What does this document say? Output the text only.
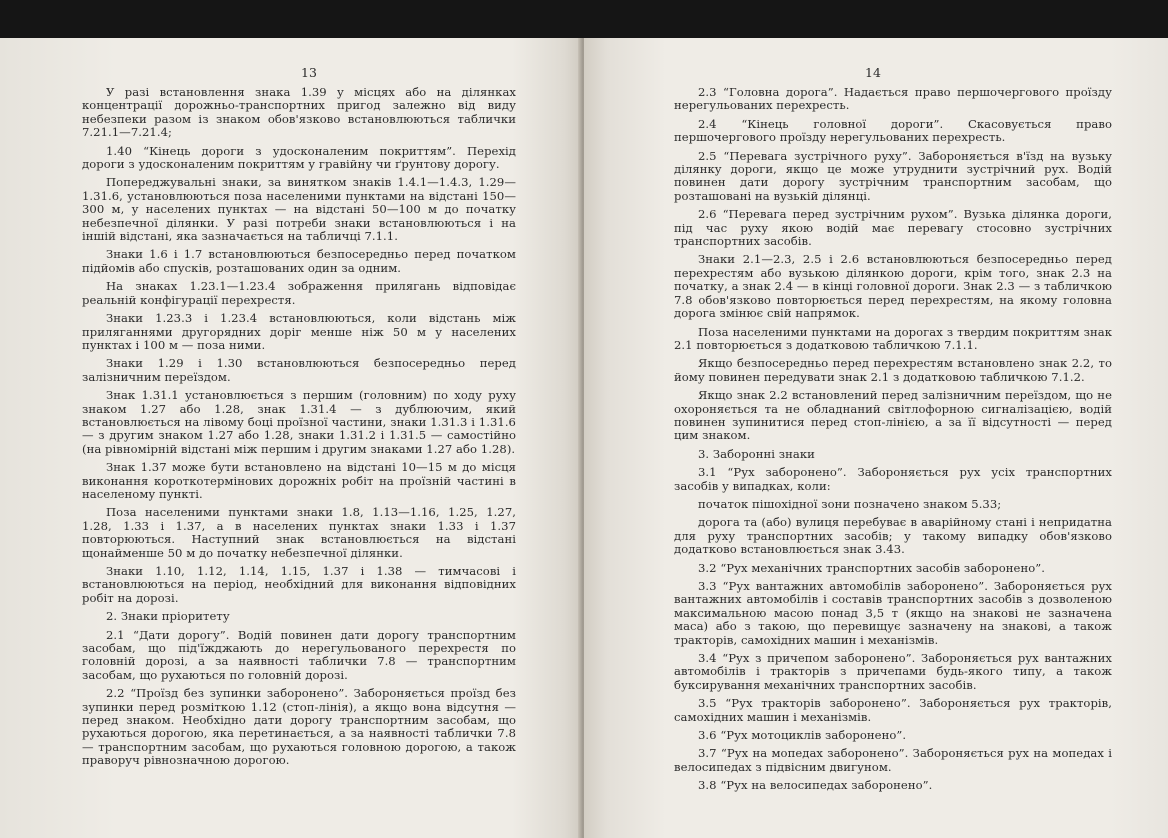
13

У разі встановлення знака 1.39 у місцях або на ділянках концентрації дорожньо-транспортних пригод залежно від виду небезпеки разом із знаком обов'язково встановлюються таблички 7.21.1—7.21.4;

1.40 “Кінець дороги з удосконаленим покриттям”. Перехід дороги з удосконаленим покриттям у гравійну чи ґрунтову дорогу.

Попереджувальні знаки, за винятком знаків 1.4.1—1.4.3, 1.29—1.31.6, установлюються поза населеними пунктами на відстані 150—300 м, у населених пунктах — на відстані 50—100 м до початку небезпечної ділянки. У разі потреби знаки встановлюються і на іншій відстані, яка зазначається на табличці 7.1.1.

Знаки 1.6 і 1.7 встановлюються безпосередньо перед початком підйомів або спусків, розташованих один за одним.

На знаках 1.23.1—1.23.4 зображення прилягань відповідає реальній конфігурації перехрестя.

Знаки 1.23.3 і 1.23.4 встановлюються, коли відстань між приляганнями другорядних доріг менше ніж 50 м у населених пунктах і 100 м — поза ними.

Знаки 1.29 і 1.30 встановлюються безпосередньо перед залізничним переїздом.

Знак 1.31.1 установлюється з першим (головним) по ходу руху знаком 1.27 або 1.28, знак 1.31.4 — з дублюючим, який встановлюється на лівому боці проїзної частини, знаки 1.31.3 і 1.31.6 — з другим знаком 1.27 або 1.28, знаки 1.31.2 і 1.31.5 — самостійно (на рівномірній відстані між першим і другим знаками 1.27 або 1.28).

Знак 1.37 може бути встановлено на відстані 10—15 м до місця виконання короткотермінових дорожніх робіт на проїзній частині в населеному пункті.

Поза населеними пунктами знаки 1.8, 1.13—1.16, 1.25, 1.27, 1.28, 1.33 і 1.37, а в населених пунктах знаки 1.33 і 1.37 повторюються. Наступний знак встановлюється на відстані щонайменше 50 м до початку небезпечної ділянки.

Знаки 1.10, 1.12, 1.14, 1.15, 1.37 і 1.38 — тимчасові і встановлюються на період, необхідний для виконання відповідних робіт на дорозі.

2. Знаки пріоритету

2.1 “Дати дорогу”. Водій повинен дати дорогу транспортним засобам, що під'їжджають до нерегульованого перехрестя по головній дорозі, а за наявності таблички 7.8 — транспортним засобам, що рухаються по головній дорозі.

2.2 “Проїзд без зупинки заборонено”. Забороняється проїзд без зупинки перед розміткою 1.12 (стоп-лінія), а якщо вона відсутня — перед знаком. Необхідно дати дорогу транспортним засобам, що рухаються дорогою, яка перетинається, а за наявності таблички 7.8 — транспортним засобам, що рухаються головною дорогою, а також праворуч рівнозначною дорогою.

14

2.3 “Головна дорога”. Надається право першочергового проїзду нерегульованих перехресть.

2.4 “Кінець головної дороги”. Скасовується право першочергового проїзду нерегульованих перехресть.

2.5 “Перевага зустрічного руху”. Забороняється в'їзд на вузьку ділянку дороги, якщо це може утруднити зустрічний рух. Водій повинен дати дорогу зустрічним транспортним засобам, що розташовані на вузькій ділянці.

2.6 “Перевага перед зустрічним рухом”. Вузька ділянка дороги, під час руху якою водій має перевагу стосовно зустрічних транспортних засобів.

Знаки 2.1—2.3, 2.5 і 2.6 встановлюються безпосередньо перед перехрестям або вузькою ділянкою дороги, крім того, знак 2.3 на початку, а знак 2.4 — в кінці головної дороги. Знак 2.3 — з табличкою 7.8 обов'язково повторюється перед перехрестям, на якому головна дорога змінює свій напрямок.

Поза населеними пунктами на дорогах з твердим покриттям знак 2.1 повторюється з додатковою табличкою 7.1.1.

Якщо безпосередньо перед перехрестям встановлено знак 2.2, то йому повинен передувати знак 2.1 з додатковою табличкою 7.1.2.

Якщо знак 2.2 встановлений перед залізничним переїздом, що не охороняється та не обладнаний світлофорною сигналізацією, водій повинен зупинитися перед стоп-лінією, а за її відсутності — перед цим знаком.

3. Заборонні знаки

3.1 “Рух заборонено”. Забороняється рух усіх транспортних засобів у випадках, коли:

початок пішохідної зони позначено знаком 5.33;

дорога та (або) вулиця перебуває в аварійному стані і непридатна для руху транспортних засобів; у такому випадку обов'язково додатково встановлюється знак 3.43.

3.2 “Рух механічних транспортних засобів заборонено”.

3.3 “Рух вантажних автомобілів заборонено”. Забороняється рух вантажних автомобілів і составів транспортних засобів з дозволеною максимальною масою понад 3,5 т (якщо на знакові не зазначена маса) або з такою, що перевищує зазначену на знакові, а також тракторів, самохідних машин і механізмів.

3.4 “Рух з причепом заборонено”. Забороняється рух вантажних автомобілів і тракторів з причепами будь-якого типу, а також буксирування механічних транспортних засобів.

3.5 “Рух тракторів заборонено”. Забороняється рух тракторів, самохідних машин і механізмів.

3.6 “Рух мотоциклів заборонено”.

3.7 “Рух на мопедах заборонено”. Забороняється рух на мопедах і велосипедах з підвісним двигуном.

3.8 “Рух на велосипедах заборонено”.
